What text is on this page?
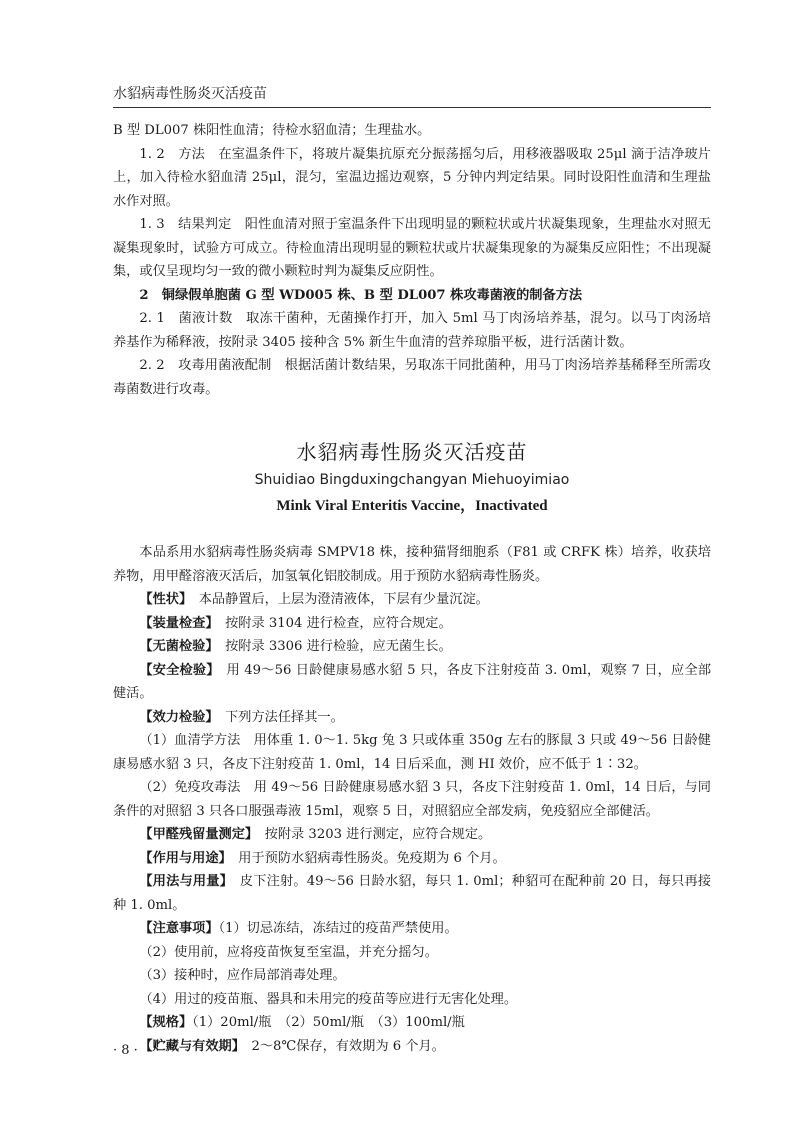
水貂病毒性肠炎灭活疫苗

B 型 DL007 株阳性血清；待检水貂血清；生理盐水。

1. 2　方法　在室温条件下，将玻片凝集抗原充分振荡摇匀后，用移液器吸取 25μl 滴于洁净玻片上，加入待检水貂血清 25μl，混匀，室温边摇边观察，5 分钟内判定结果。同时设阳性血清和生理盐水作对照。

1. 3　结果判定　阳性血清对照于室温条件下出现明显的颗粒状或片状凝集现象，生理盐水对照无凝集现象时，试验方可成立。待检血清出现明显的颗粒状或片状凝集现象的为凝集反应阳性；不出现凝集，或仅呈现均匀一致的微小颗粒时判为凝集反应阴性。

2　铜绿假单胞菌 G 型 WD005 株、B 型 DL007 株攻毒菌液的制备方法

2. 1　菌液计数　取冻干菌种，无菌操作打开，加入 5ml 马丁肉汤培养基，混匀。以马丁肉汤培养基作为稀释液，按附录 3405 接种含 5% 新生牛血清的营养琼脂平板，进行活菌计数。

2. 2　攻毒用菌液配制　根据活菌计数结果，另取冻干同批菌种，用马丁肉汤培养基稀释至所需攻毒菌数进行攻毒。

水貂病毒性肠炎灭活疫苗
Shuidiao Bingduxingchangyan Miehuoyimiao
Mink Viral Enteritis Vaccine，Inactivated

本品系用水貂病毒性肠炎病毒 SMPV18 株，接种猫肾细胞系（F81 或 CRFK 株）培养，收获培养物，用甲醛溶液灭活后，加氢氧化铝胶制成。用于预防水貂病毒性肠炎。

【性状】　 本品静置后，上层为澄清液体，下层有少量沉淀。

【装量检查】　 按附录 3104 进行检查，应符合规定。

【无菌检验】　 按附录 3306 进行检验，应无菌生长。

【安全检验】　 用 49～56 日龄健康易感水貂 5 只，各皮下注射疫苗 3. 0ml，观察 7 日，应全部健活。

【效力检验】　 下列方法任择其一。

（1）血清学方法　用体重 1. 0～1. 5kg 兔 3 只或体重 350g 左右的豚鼠 3 只或 49～56 日龄健康易感水貂 3 只，各皮下注射疫苗 1. 0ml，14 日后采血，测 HI 效价，应不低于 1∶32。

（2）免疫攻毒法　用 49～56 日龄健康易感水貂 3 只，各皮下注射疫苗 1. 0ml，14 日后，与同条件的对照貂 3 只各口服强毒液 15ml，观察 5 日，对照貂应全部发病，免疫貂应全部健活。

【甲醛残留量测定】　 按附录 3203 进行测定，应符合规定。

【作用与用途】　 用于预防水貂病毒性肠炎。免疫期为 6 个月。

【用法与用量】　 皮下注射。49～56 日龄水貂，每只 1. 0ml；种貂可在配种前 20 日，每只再接种 1. 0ml。

【注意事项】（1）切忌冻结，冻结过的疫苗严禁使用。

（2）使用前，应将疫苗恢复至室温，并充分摇匀。

（3）接种时，应作局部消毒处理。

（4）用过的疫苗瓶、器具和未用完的疫苗等应进行无害化处理。

【规格】（1）20ml/瓶　（2）50ml/瓶　（3）100ml/瓶

【贮藏与有效期】　 2～8℃保存，有效期为 6 个月。

· 8 ·
